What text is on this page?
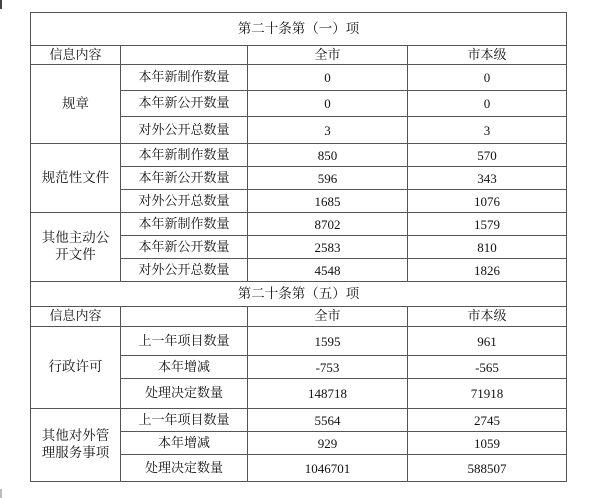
第二十条第（一）项			
信息内容		全市	市本级
规章	本年新制作数量	0	0
	本年新公开数量	0	0
	对外公开总数量	3	3
规范性文件	本年新制作数量	850	570
	本年新公开数量	596	343
	对外公开总数量	1685	1076
其他主动公
开文件	本年新制作数量	8702	1579
	本年新公开数量	2583	810
	对外公开总数量	4548	1826
第二十条第（五）项			
信息内容		全市	市本级
行政许可	上一年项目数量	1595	961
	本年增减	-753	-565
	处理决定数量	148718	71918
其他对外管
理服务事项	上一年项目数量	5564	2745
	本年增减	929	1059
	处理决定数量	1046701	588507
